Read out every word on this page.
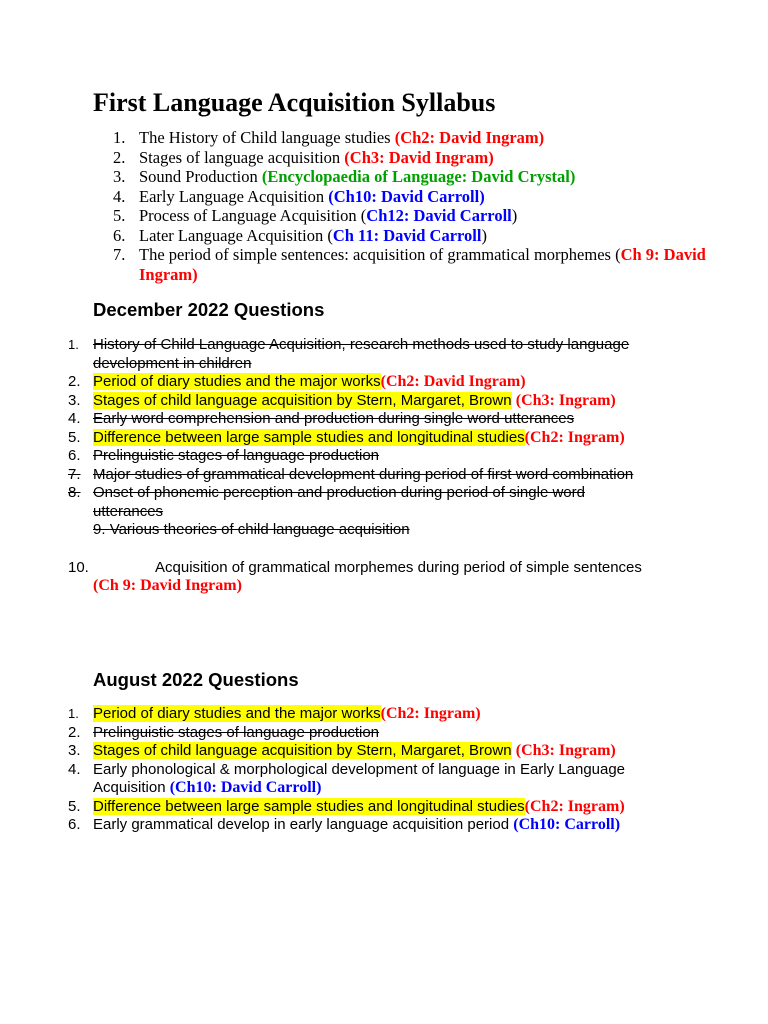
First Language Acquisition Syllabus
1. The History of Child language studies (Ch2: David Ingram)
2. Stages of language acquisition (Ch3: David Ingram)
3. Sound Production (Encyclopaedia of Language: David Crystal)
4. Early Language Acquisition (Ch10: David Carroll)
5. Process of Language Acquisition (Ch12: David Carroll)
6. Later Language Acquisition (Ch 11: David Carroll)
7. The period of simple sentences: acquisition of grammatical morphemes (Ch 9: David Ingram)
December 2022 Questions
1. History of Child Language Acquisition, research methods used to study language development in children
2. Period of diary studies and the major works(Ch2: David Ingram)
3. Stages of child language acquisition by Stern, Margaret, Brown (Ch3: Ingram)
4. Early word comprehension and production during single word utterances
5. Difference between large sample studies and longitudinal studies(Ch2: Ingram)
6. Prelinguistic stages of language production
7. Major studies of grammatical development during period of first word combination
8. Onset of phonemic perception and production during period of single word utterances
9. Various theories of child language acquisition
10.	Acquisition of grammatical morphemes during period of simple sentences (Ch 9: David Ingram)
August 2022 Questions
1. Period of diary studies and the major works(Ch2: Ingram)
2. Prelinguistic stages of language production
3. Stages of child language acquisition by Stern, Margaret, Brown (Ch3: Ingram)
4. Early phonological & morphological development of language in Early Language Acquisition (Ch10: David Carroll)
5. Difference between large sample studies and longitudinal studies(Ch2: Ingram)
6. Early grammatical develop in early language acquisition period (Ch10: Carroll)
